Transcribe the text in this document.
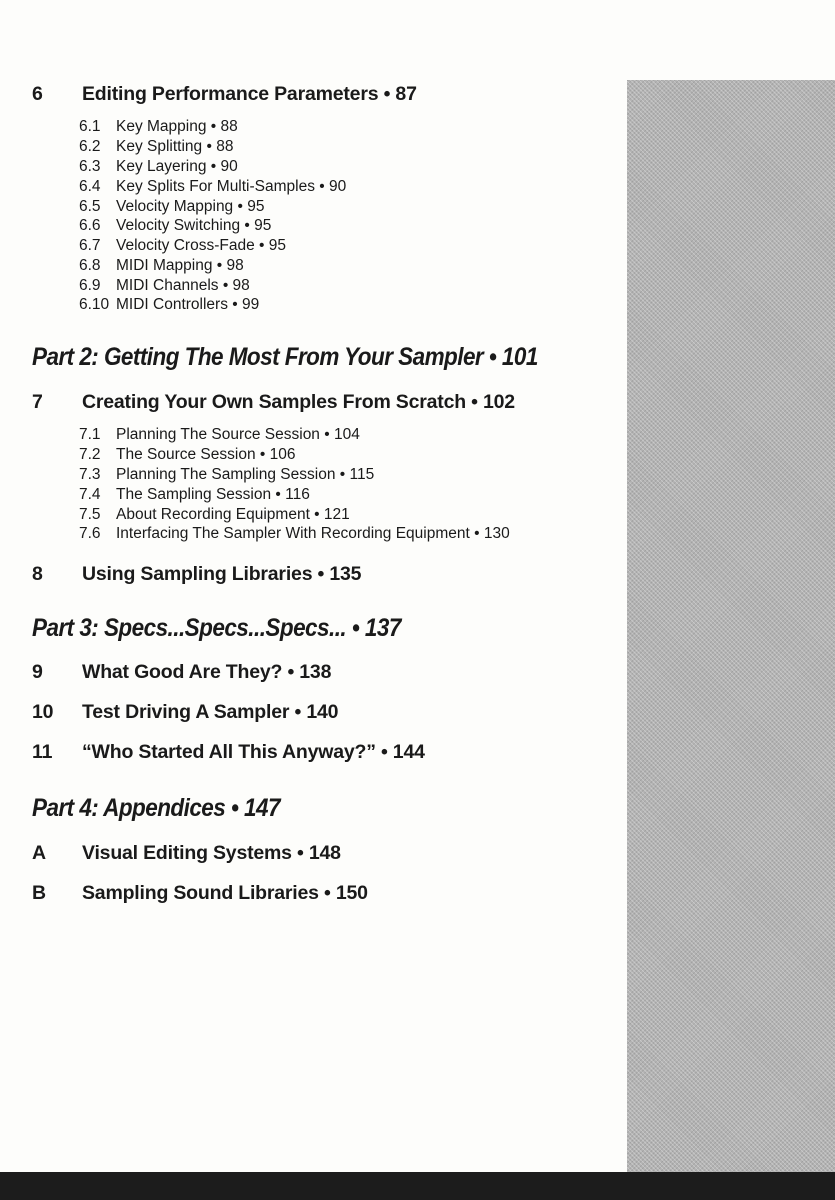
6 Editing Performance Parameters • 87
6.1 Key Mapping • 88
6.2 Key Splitting • 88
6.3 Key Layering • 90
6.4 Key Splits For Multi-Samples • 90
6.5 Velocity Mapping • 95
6.6 Velocity Switching • 95
6.7 Velocity Cross-Fade • 95
6.8 MIDI Mapping • 98
6.9 MIDI Channels • 98
6.10 MIDI Controllers • 99
Part 2: Getting The Most From Your Sampler • 101
7 Creating Your Own Samples From Scratch • 102
7.1 Planning The Source Session • 104
7.2 The Source Session • 106
7.3 Planning The Sampling Session • 115
7.4 The Sampling Session • 116
7.5 About Recording Equipment • 121
7.6 Interfacing The Sampler With Recording Equipment • 130
8 Using Sampling Libraries • 135
Part 3: Specs...Specs...Specs... • 137
9 What Good Are They? • 138
10 Test Driving A Sampler • 140
11 “Who Started All This Anyway?” • 144
Part 4: Appendices • 147
A Visual Editing Systems • 148
B Sampling Sound Libraries • 150
